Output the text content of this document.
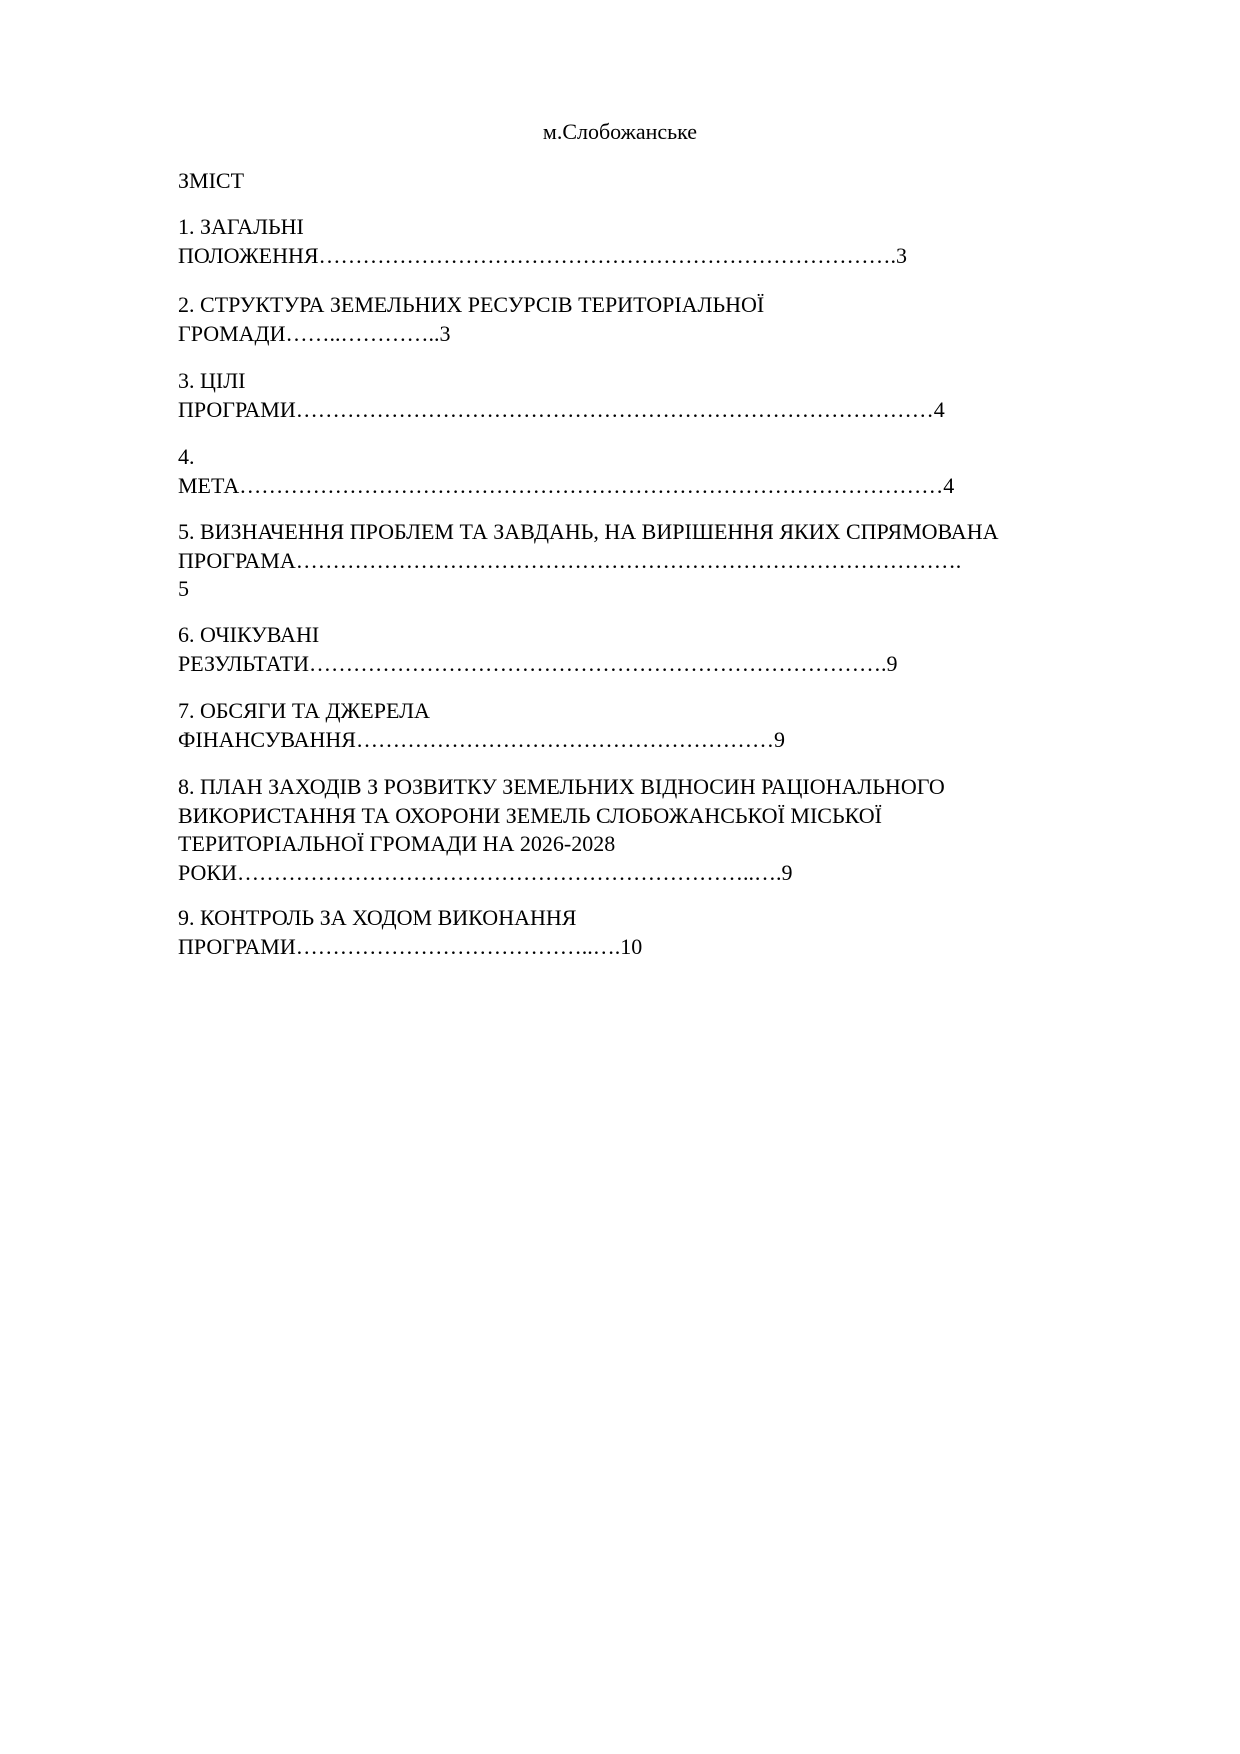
м.Слобожанське
ЗМІСТ

1. ЗАГАЛЬНІ
ПОЛОЖЕННЯ…………………………………………………………………….3

2. СТРУКТУРА ЗЕМЕЛЬНИХ РЕСУРСІВ ТЕРИТОРІАЛЬНОЇ
ГРОМАДИ……..…………..3

3. ЦІЛІ
ПРОГРАМИ……………………………………………………………………………4

4.
МЕТА……………………………………………………………………………………4

5. ВИЗНАЧЕННЯ ПРОБЛЕМ ТА ЗАВДАНЬ, НА ВИРІШЕННЯ ЯКИХ СПРЯМОВАНА
ПРОГРАМА……………………………………………………………………………….
5

6. ОЧІКУВАНІ
РЕЗУЛЬТАТИ…………………………………………………………………….9

7. ОБСЯГИ ТА ДЖЕРЕЛА
ФІНАНСУВАННЯ…………………………………………………9

8. ПЛАН ЗАХОДІВ З РОЗВИТКУ ЗЕМЕЛЬНИХ ВІДНОСИН РАЦІОНАЛЬНОГО
ВИКОРИСТАННЯ ТА ОХОРОНИ ЗЕМЕЛЬ СЛОБОЖАНСЬКОЇ МІСЬКОЇ
ТЕРИТОРІАЛЬНОЇ ГРОМАДИ НА 2026-2028
РОКИ……………………………………………………………..….9

9. КОНТРОЛЬ ЗА ХОДОМ ВИКОНАННЯ
ПРОГРАМИ…………………………………..….10
